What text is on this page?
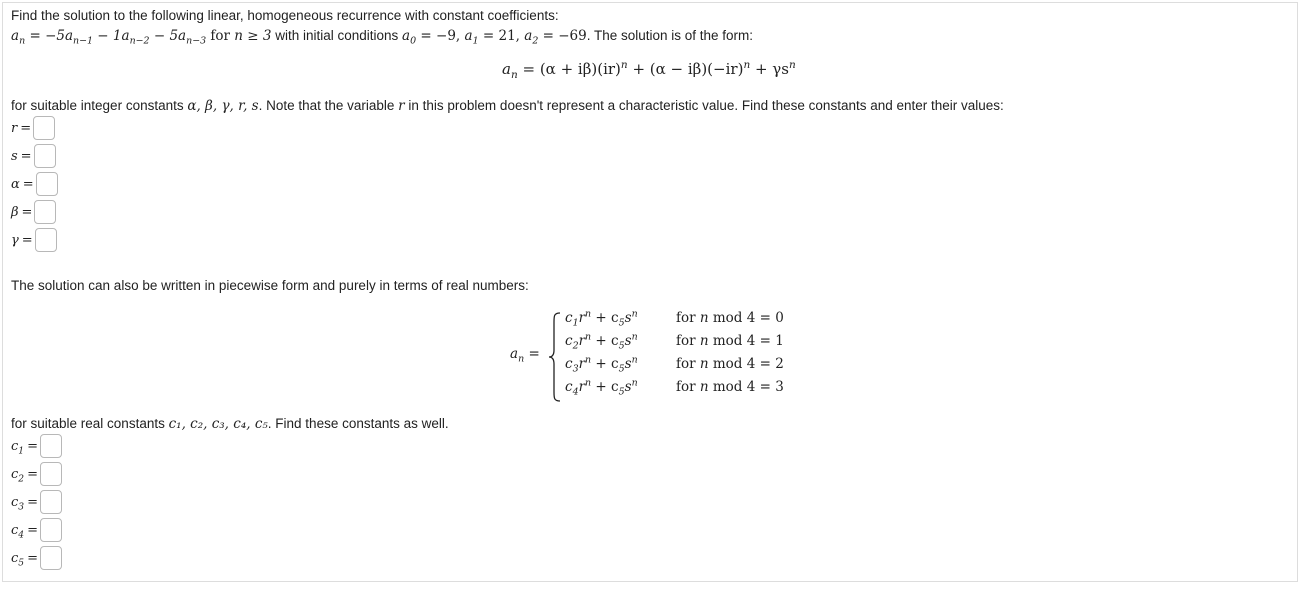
Find the solution to the following linear, homogeneous recurrence with constant coefficients:
$a_n = -5a_{n-1} - 1a_{n-2} - 5a_{n-3}$ for n ≥ 3 with initial conditions $a_0 = -9$, $a_1 = 21$, $a_2 = -69$. The solution is of the form:
$a_n = (\alpha + i\beta)(ir)^n + (\alpha - i\beta)(-ir)^n + \gamma s^n$
for suitable integer constants α, β, γ, r, s. Note that the variable r in this problem doesn't represent a characteristic value. Find these constants and enter their values:
r =
s =
α =
β =
γ =
The solution can also be written in piecewise form and purely in terms of real numbers:
$a_n$ =
$c_1r^n + c_5s^n$	for n mod 4 = 0
$c_2r^n + c_5s^n$	for n mod 4 = 1
$c_3r^n + c_5s^n$	for n mod 4 = 2
$c_4r^n + c_5s^n$	for n mod 4 = 3
for suitable real constants c₁, c₂, c₃, c₄, c₅. Find these constants as well.
$c_1$ =
$c_2$ =
$c_3$ =
$c_4$ =
$c_5$ =
